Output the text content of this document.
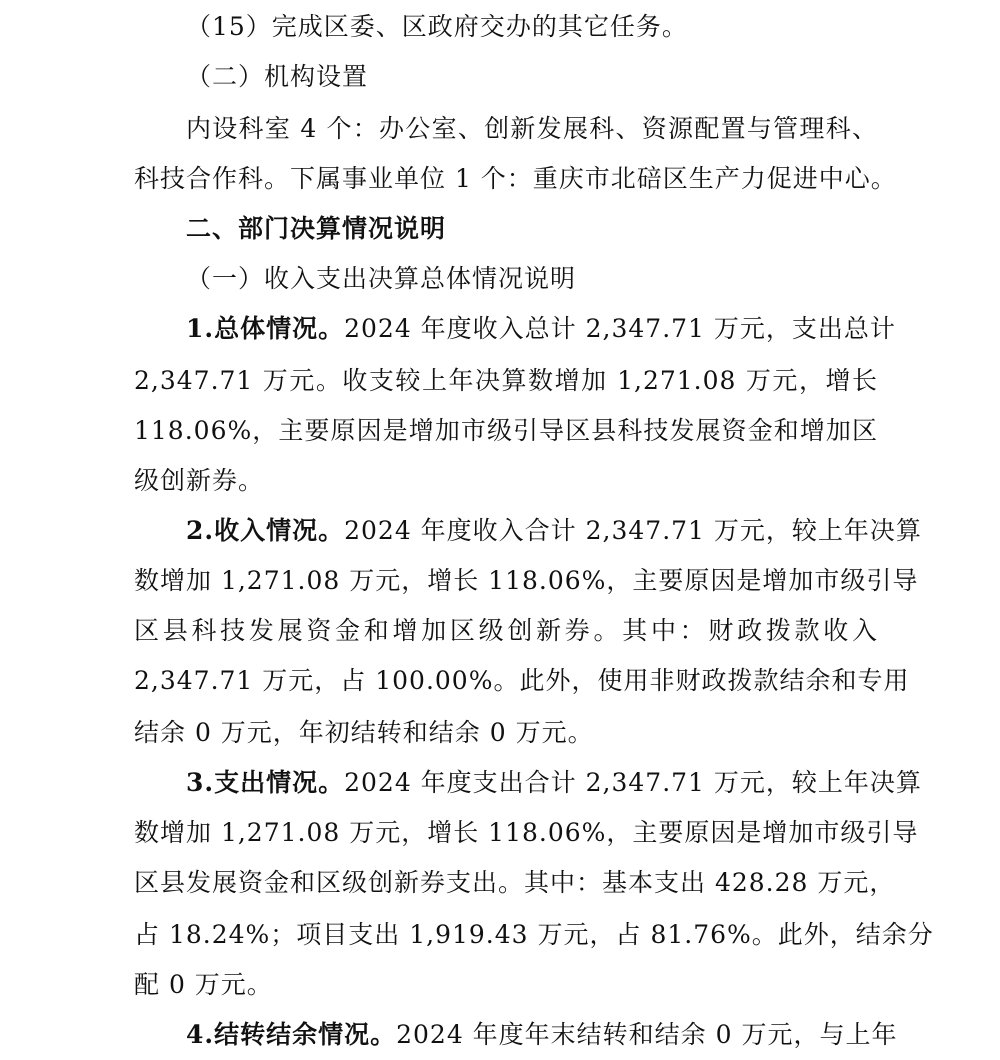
（15）完成区委、区政府交办的其它任务。
（二）机构设置
内设科室 4 个：办公室、创新发展科、资源配置与管理科、
科技合作科。下属事业单位 1 个：重庆市北碚区生产力促进中心。
二、部门决算情况说明
（一）收入支出决算总体情况说明
1.总体情况。2024 年度收入总计 2,347.71 万元，支出总计
2,347.71 万元。收支较上年决算数增加 1,271.08 万元，增长
118.06%，主要原因是增加市级引导区县科技发展资金和增加区
级创新券。
2.收入情况。2024 年度收入合计 2,347.71 万元，较上年决算
数增加 1,271.08 万元，增长 118.06%，主要原因是增加市级引导
区县科技发展资金和增加区级创新券。其中：财政拨款收入
2,347.71 万元，占 100.00%。此外，使用非财政拨款结余和专用
结余 0 万元，年初结转和结余 0 万元。
3.支出情况。2024 年度支出合计 2,347.71 万元，较上年决算
数增加 1,271.08 万元，增长 118.06%，主要原因是增加市级引导
区县发展资金和区级创新券支出。其中：基本支出 428.28 万元，
占 18.24%；项目支出 1,919.43 万元，占 81.76%。此外，结余分
配 0 万元。
4.结转结余情况。2024 年度年末结转和结余 0 万元，与上年
